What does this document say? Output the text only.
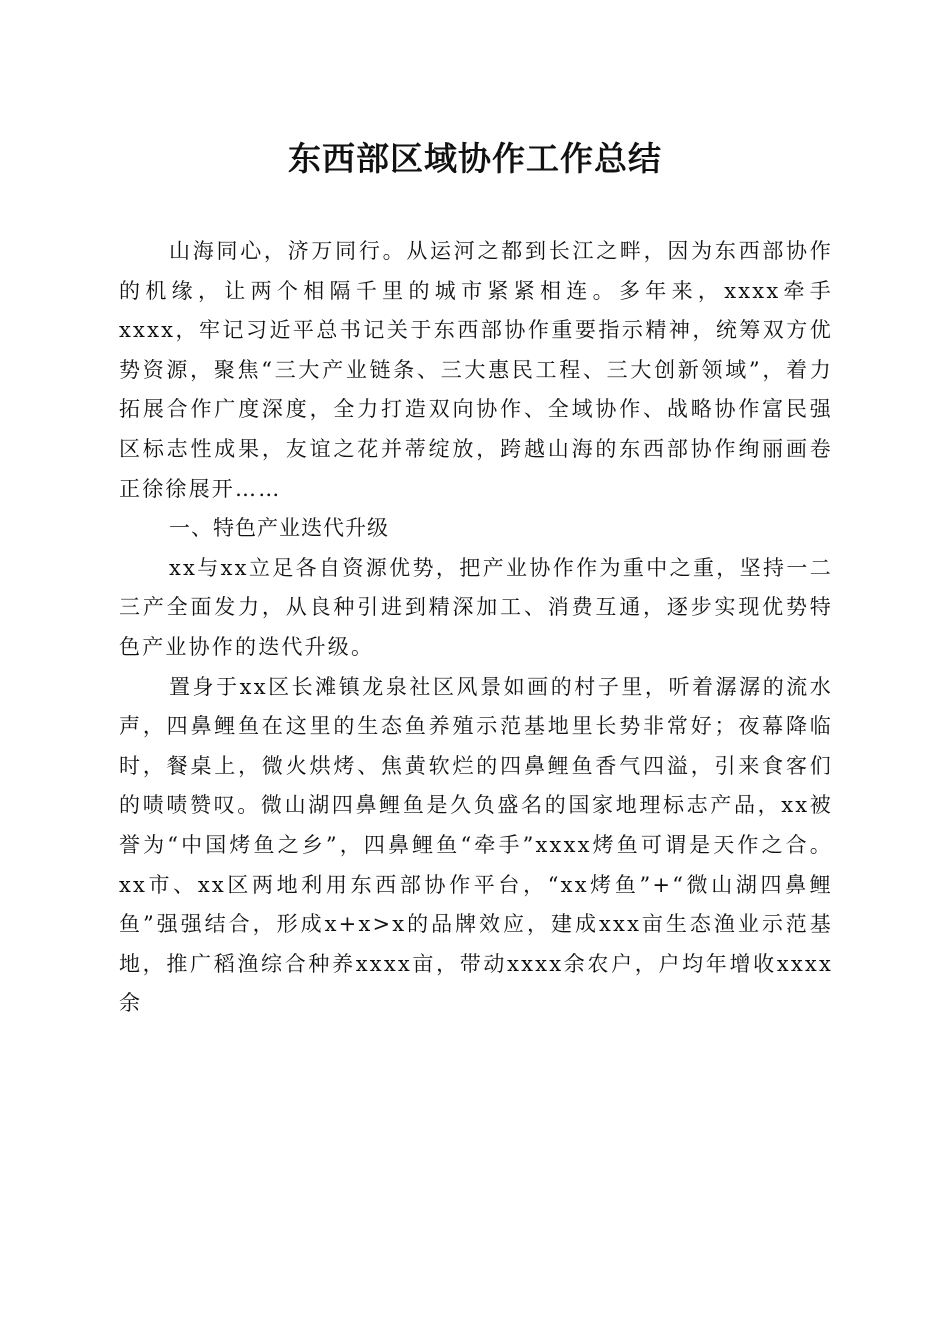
东西部区域协作工作总结

山海同心，济万同行。从运河之都到长江之畔，因为东西部协作的机缘，让两个相隔千里的城市紧紧相连。多年来，xxxx牵手xxxx，牢记习近平总书记关于东西部协作重要指示精神，统筹双方优势资源，聚焦“三大产业链条、三大惠民工程、三大创新领域”，着力拓展合作广度深度，全力打造双向协作、全域协作、战略协作富民强区标志性成果，友谊之花并蒂绽放，跨越山海的东西部协作绚丽画卷正徐徐展开……

一、特色产业迭代升级

xx与xx立足各自资源优势，把产业协作作为重中之重，坚持一二三产全面发力，从良种引进到精深加工、消费互通，逐步实现优势特色产业协作的迭代升级。

置身于xx区长滩镇龙泉社区风景如画的村子里，听着潺潺的流水声，四鼻鲤鱼在这里的生态鱼养殖示范基地里长势非常好；夜幕降临时，餐桌上，微火烘烤、焦黄软烂的四鼻鲤鱼香气四溢，引来食客们的啧啧赞叹。微山湖四鼻鲤鱼是久负盛名的国家地理标志产品，xx被誉为“中国烤鱼之乡”，四鼻鲤鱼“牵手”xxxx烤鱼可谓是天作之合。xx市、xx区两地利用东西部协作平台，“xx烤鱼”+“微山湖四鼻鲤鱼”强强结合，形成x+x>x的品牌效应，建成xxx亩生态渔业示范基地，推广稻渔综合种养xxxx亩，带动xxxx余农户，户均年增收xxxx余
